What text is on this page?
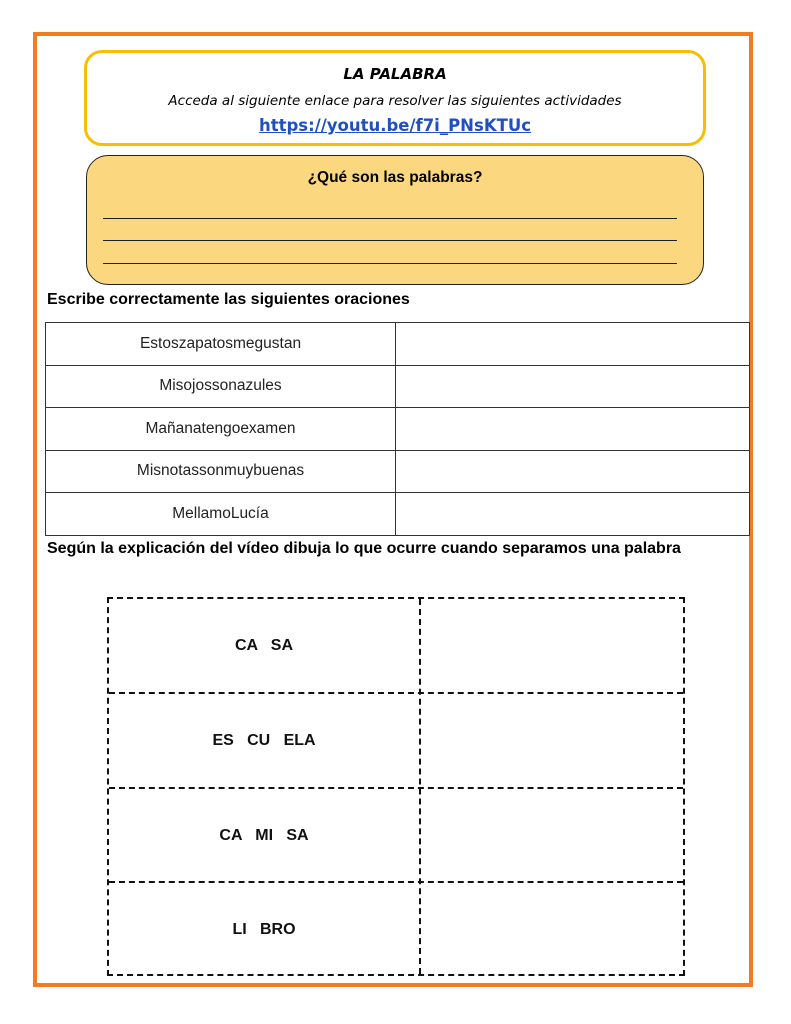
LA PALABRA
Acceda al siguiente enlace para resolver las siguientes actividades
https://youtu.be/f7i_PNsKTUc
¿Qué son las palabras?
Escribe correctamente las siguientes oraciones
Estoszapatosmegustan	
Misojossonazules	
Mañanatengoexamen	
Misnotassonmuybuenas	
MellamoLucía	
Según la explicación del vídeo dibuja lo que ocurre cuando separamos una palabra
CA   SA
ES   CU   ELA
CA   MI   SA
LI   BRO
